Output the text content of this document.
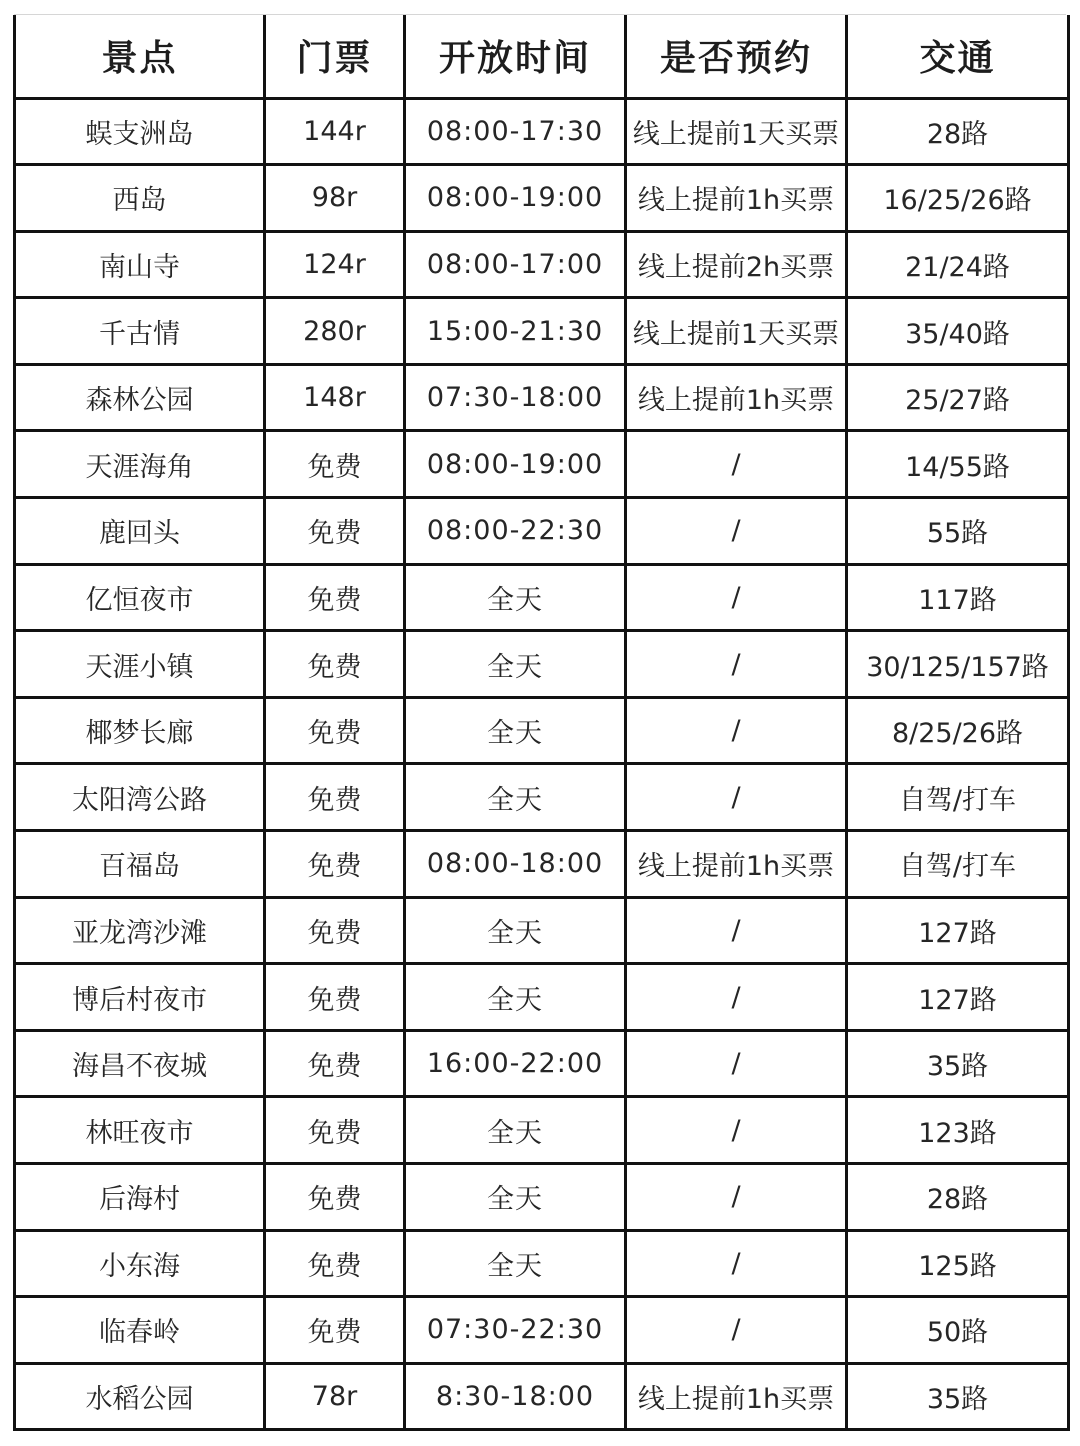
景点	门票	开放时间	是否预约	交通
蜈支洲岛	144r	08:00-17:30	线上提前1天买票	28路
西岛	98r	08:00-19:00	线上提前1h买票	16/25/26路
南山寺	124r	08:00-17:00	线上提前2h买票	21/24路
千古情	280r	15:00-21:30	线上提前1天买票	35/40路
森林公园	148r	07:30-18:00	线上提前1h买票	25/27路
天涯海角	免费	08:00-19:00	/	14/55路
鹿回头	免费	08:00-22:30	/	55路
亿恒夜市	免费	全天	/	117路
天涯小镇	免费	全天	/	30/125/157路
椰梦长廊	免费	全天	/	8/25/26路
太阳湾公路	免费	全天	/	自驾/打车
百福岛	免费	08:00-18:00	线上提前1h买票	自驾/打车
亚龙湾沙滩	免费	全天	/	127路
博后村夜市	免费	全天	/	127路
海昌不夜城	免费	16:00-22:00	/	35路
林旺夜市	免费	全天	/	123路
后海村	免费	全天	/	28路
小东海	免费	全天	/	125路
临春岭	免费	07:30-22:30	/	50路
水稻公园	78r	8:30-18:00	线上提前1h买票	35路
